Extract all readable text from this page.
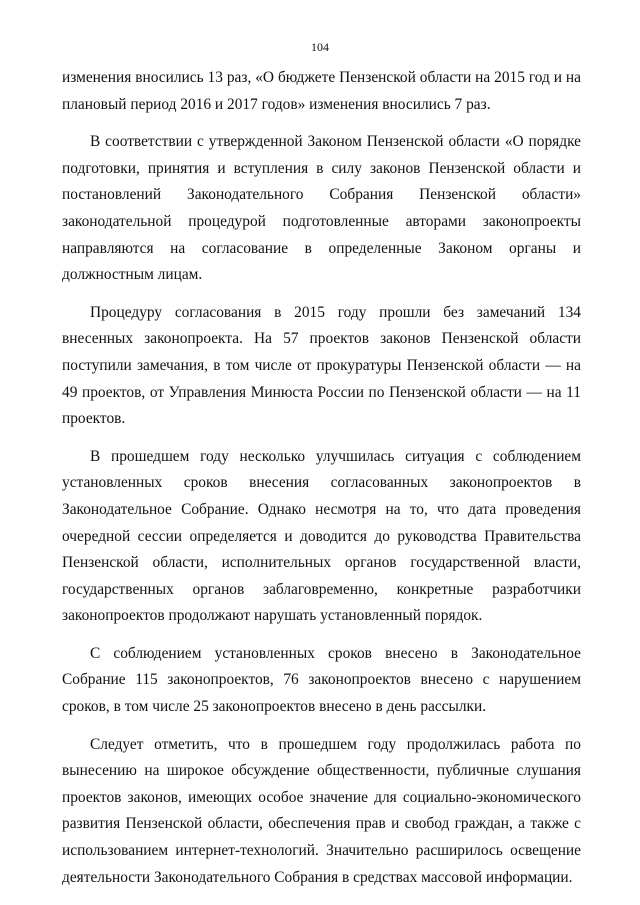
104

изменения вносились 13 раз, «О бюджете Пензенской области на 2015 год и на плановый период 2016 и 2017 годов» изменения вносились 7 раз.

В соответствии с утвержденной Законом Пензенской области «О порядке подготовки, принятия и вступления в силу законов Пензенской области и постановлений Законодательного Собрания Пензенской области» законодательной процедурой подготовленные авторами законопроекты направляются на согласование в определенные Законом органы и должностным лицам.

Процедуру согласования в 2015 году прошли без замечаний 134 внесенных законопроекта. На 57 проектов законов Пензенской области поступили замечания, в том числе от прокуратуры Пензенской области — на 49 проектов, от Управления Минюста России по Пензенской области — на 11 проектов.

В прошедшем году несколько улучшилась ситуация с соблюдением установленных сроков внесения согласованных законопроектов в Законодательное Собрание. Однако несмотря на то, что дата проведения очередной сессии определяется и доводится до руководства Правительства Пензенской области, исполнительных органов государственной власти, государственных органов заблаговременно, конкретные разработчики законопроектов продолжают нарушать установленный порядок.

С соблюдением установленных сроков внесено в Законодательное Собрание 115 законопроектов, 76 законопроектов внесено с нарушением сроков, в том числе 25 законопроектов внесено в день рассылки.

Следует отметить, что в прошедшем году продолжилась работа по вынесению на широкое обсуждение общественности, публичные слушания проектов законов, имеющих особое значение для социально-экономического развития Пензенской области, обеспечения прав и свобод граждан, а также с использованием интернет-технологий. Значительно расширилось освещение деятельности Законодательного Собрания в средствах массовой информации.
